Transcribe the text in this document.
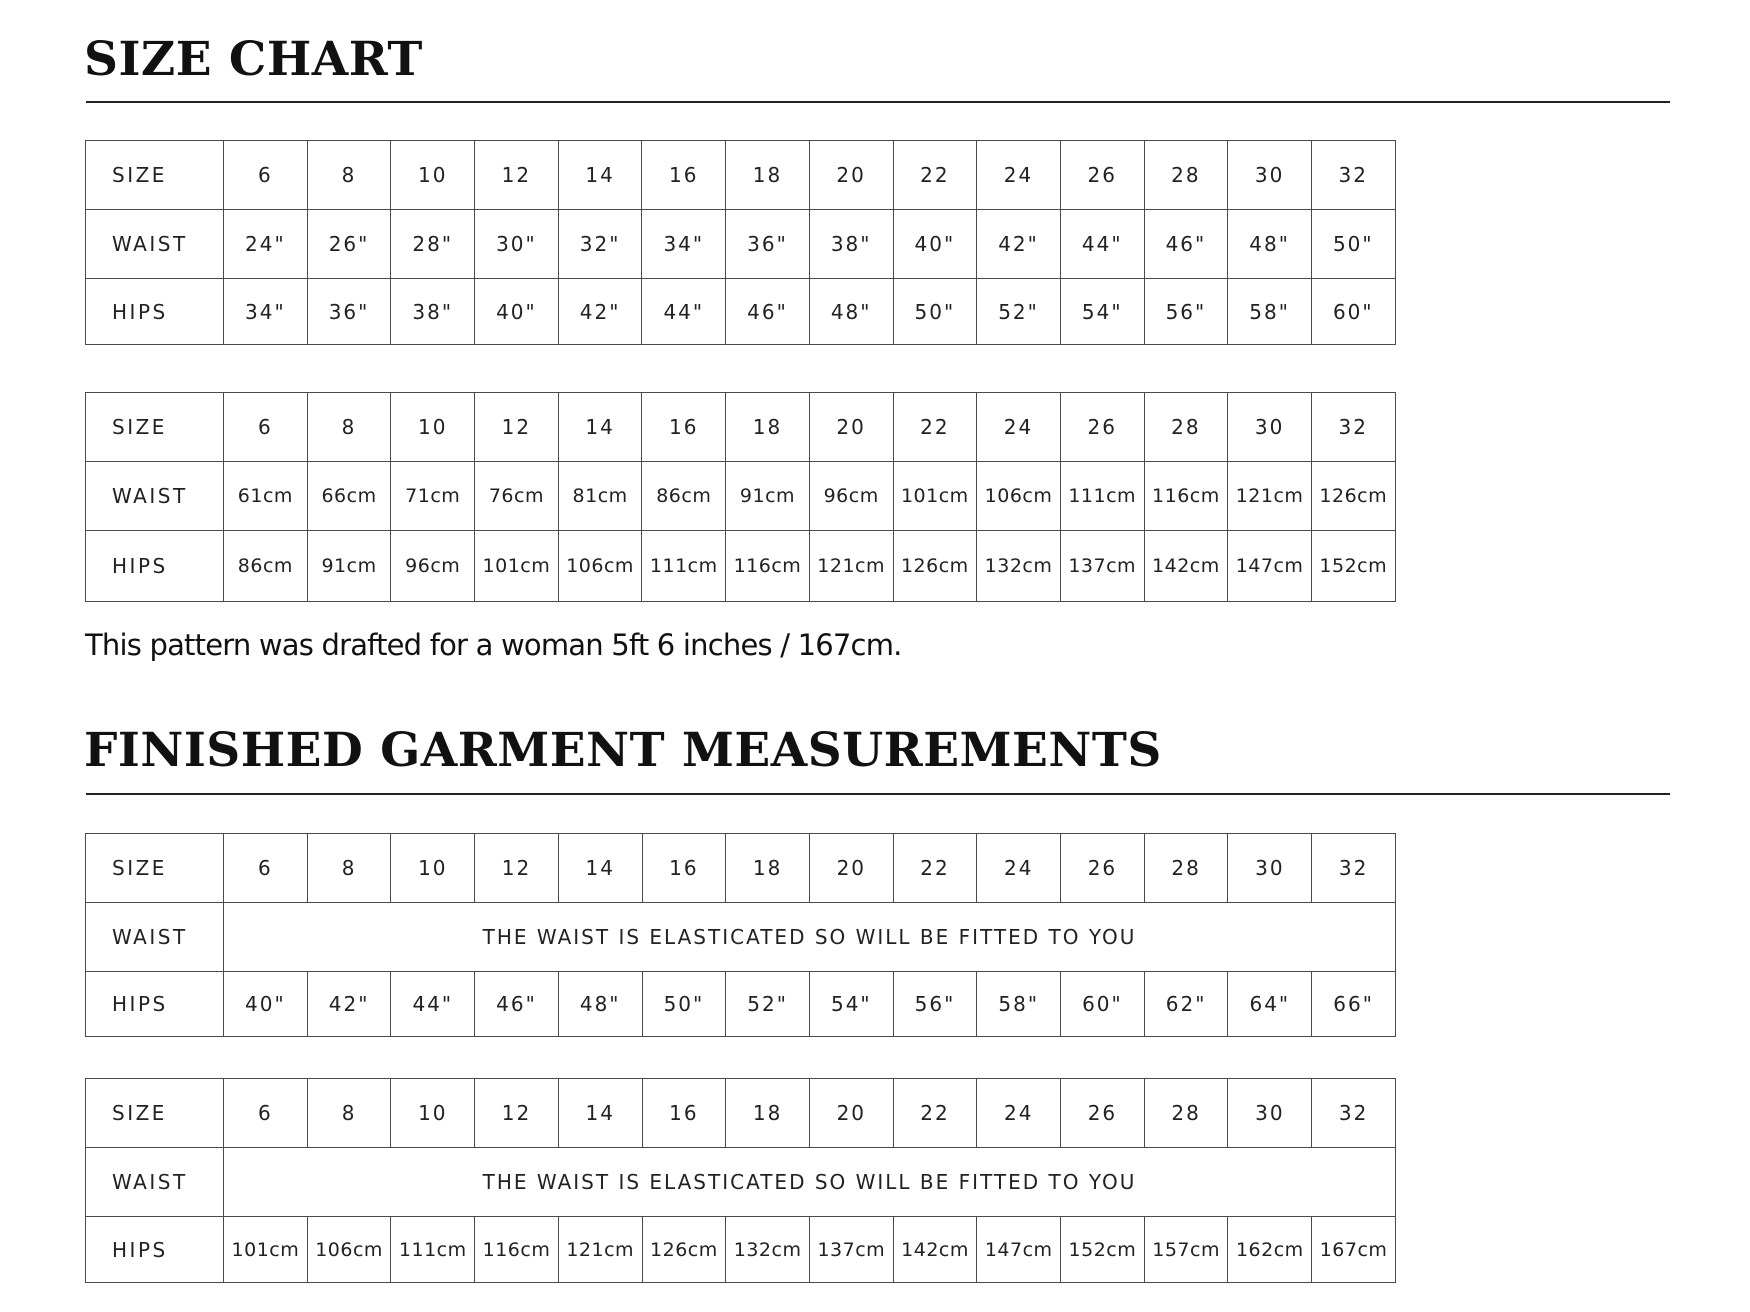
SIZE CHART
SIZE	6	8	10	12	14	16	18	20	22	24	26	28	30	32
WAIST	24"	26"	28"	30"	32"	34"	36"	38"	40"	42"	44"	46"	48"	50"
HIPS	34"	36"	38"	40"	42"	44"	46"	48"	50"	52"	54"	56"	58"	60"
SIZE	6	8	10	12	14	16	18	20	22	24	26	28	30	32
WAIST	61cm	66cm	71cm	76cm	81cm	86cm	91cm	96cm	101cm	106cm	111cm	116cm	121cm	126cm
HIPS	86cm	91cm	96cm	101cm	106cm	111cm	116cm	121cm	126cm	132cm	137cm	142cm	147cm	152cm

This pattern was drafted for a woman 5ft 6 inches / 167cm.

FINISHED GARMENT MEASUREMENTS
SIZE	6	8	10	12	14	16	18	20	22	24	26	28	30	32
WAIST	THE WAIST IS ELASTICATED SO WILL BE FITTED TO YOU													
HIPS	40"	42"	44"	46"	48"	50"	52"	54"	56"	58"	60"	62"	64"	66"
SIZE	6	8	10	12	14	16	18	20	22	24	26	28	30	32
WAIST	THE WAIST IS ELASTICATED SO WILL BE FITTED TO YOU													
HIPS	101cm	106cm	111cm	116cm	121cm	126cm	132cm	137cm	142cm	147cm	152cm	157cm	162cm	167cm
